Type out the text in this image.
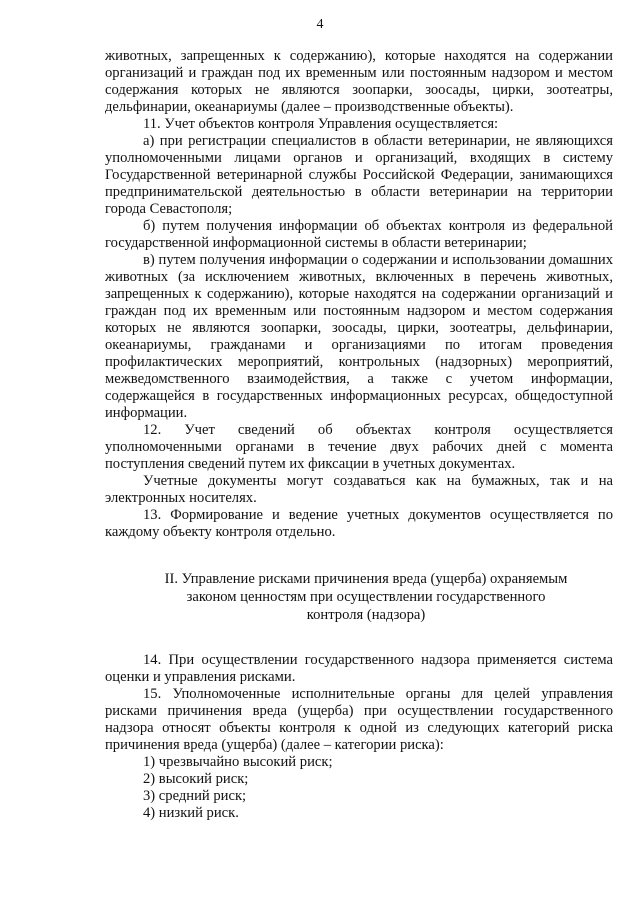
4

животных, запрещенных к содержанию), которые находятся на содержании организаций и граждан под их временным или постоянным надзором и местом содержания которых не являются зоопарки, зоосады, цирки, зоотеатры, дельфинарии, океанариумы (далее – производственные объекты).

11. Учет объектов контроля Управления осуществляется:

а) при регистрации специалистов в области ветеринарии, не являющихся уполномоченными лицами органов и организаций, входящих в систему Государственной ветеринарной службы Российской Федерации, занимающихся предпринимательской деятельностью в области ветеринарии на территории города Севастополя;

б) путем получения информации об объектах контроля из федеральной государственной информационной системы в области ветеринарии;

в) путем получения информации о содержании и использовании домашних животных (за исключением животных, включенных в перечень животных, запрещенных к содержанию), которые находятся на содержании организаций и граждан под их временным или постоянным надзором и местом содержания которых не являются зоопарки, зоосады, цирки, зоотеатры, дельфинарии, океанариумы, гражданами и организациями по итогам проведения профилактических мероприятий, контрольных (надзорных) мероприятий, межведомственного взаимодействия, а также с учетом информации, содержащейся в государственных информационных ресурсах, общедоступной информации.

12. Учет сведений об объектах контроля осуществляется уполномоченными органами в течение двух рабочих дней с момента поступления сведений путем их фиксации в учетных документах.

Учетные документы могут создаваться как на бумажных, так и на электронных носителях.

13. Формирование и ведение учетных документов осуществляется по каждому объекту контроля отдельно.

II. Управление рисками причинения вреда (ущерба) охраняемым

законом ценностям при осуществлении государственного

контроля (надзора)

14. При осуществлении государственного надзора применяется система оценки и управления рисками.

15. Уполномоченные исполнительные органы для целей управления рисками причинения вреда (ущерба) при осуществлении государственного надзора относят объекты контроля к одной из следующих категорий риска причинения вреда (ущерба) (далее – категории риска):

1) чрезвычайно высокий риск;

2) высокий риск;

3) средний риск;

4) низкий риск.
